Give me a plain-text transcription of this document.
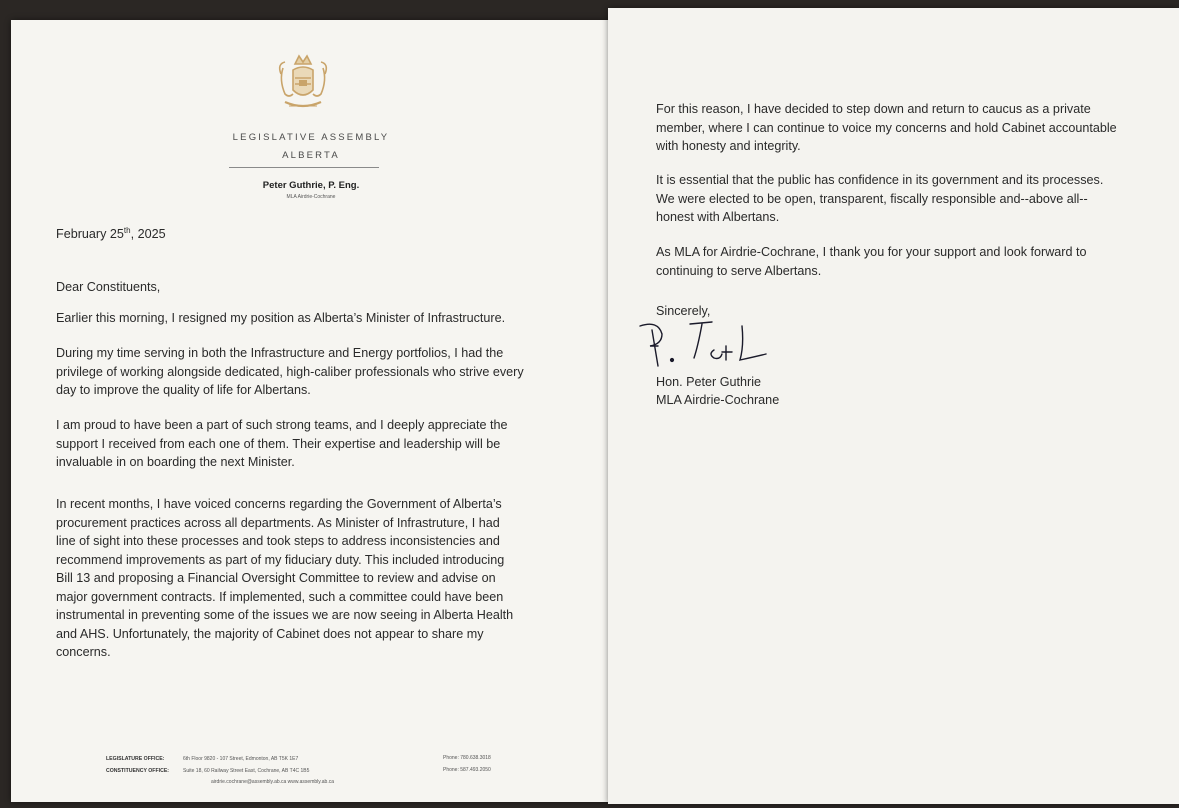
LEGISLATIVE ASSEMBLY
ALBERTA
Peter Guthrie, P. Eng.
MLA Airdrie-Cochrane
February 25th, 2025
Dear Constituents,
Earlier this morning, I resigned my position as Alberta’s Minister of Infrastructure.
During my time serving in both the Infrastructure and Energy portfolios, I had the
privilege of working alongside dedicated, high-caliber professionals who strive every
day to improve the quality of life for Albertans.
I am proud to have been a part of such strong teams, and I deeply appreciate the
support I received from each one of them. Their expertise and leadership will be
invaluable in on boarding the next Minister.
In recent months, I have voiced concerns regarding the Government of Alberta’s
procurement practices across all departments. As Minister of Infrastruture, I had
line of sight into these processes and took steps to address inconsistencies and
recommend improvements as part of my fiduciary duty. This included introducing
Bill 13 and proposing a Financial Oversight Committee to review and advise on
major government contracts. If implemented, such a committee could have been
instrumental in preventing some of the issues we are now seeing in Alberta Health
and AHS. Unfortunately, the majority of Cabinet does not appear to share my
concerns.
LEGISLATURE OFFICE:	6th Floor 9820 - 107 Street, Edmonton, AB T5K 1E7	Phone: 780.638.3018
CONSTITUENCY OFFICE:	Suite 18, 60 Railway Street East, Cochrane, AB T4C 1B5	Phone: 587.493.2050
airdrie.cochrane@assembly.ab.ca www.assembly.ab.ca
For this reason, I have decided to step down and return to caucus as a private
member, where I can continue to voice my concerns and hold Cabinet accountable
with honesty and integrity.
It is essential that the public has confidence in its government and its processes.
We were elected to be open, transparent, fiscally responsible and--above all--
honest with Albertans.
As MLA for Airdrie-Cochrane, I thank you for your support and look forward to
continuing to serve Albertans.
Sincerely,
Hon. Peter Guthrie
MLA Airdrie-Cochrane
